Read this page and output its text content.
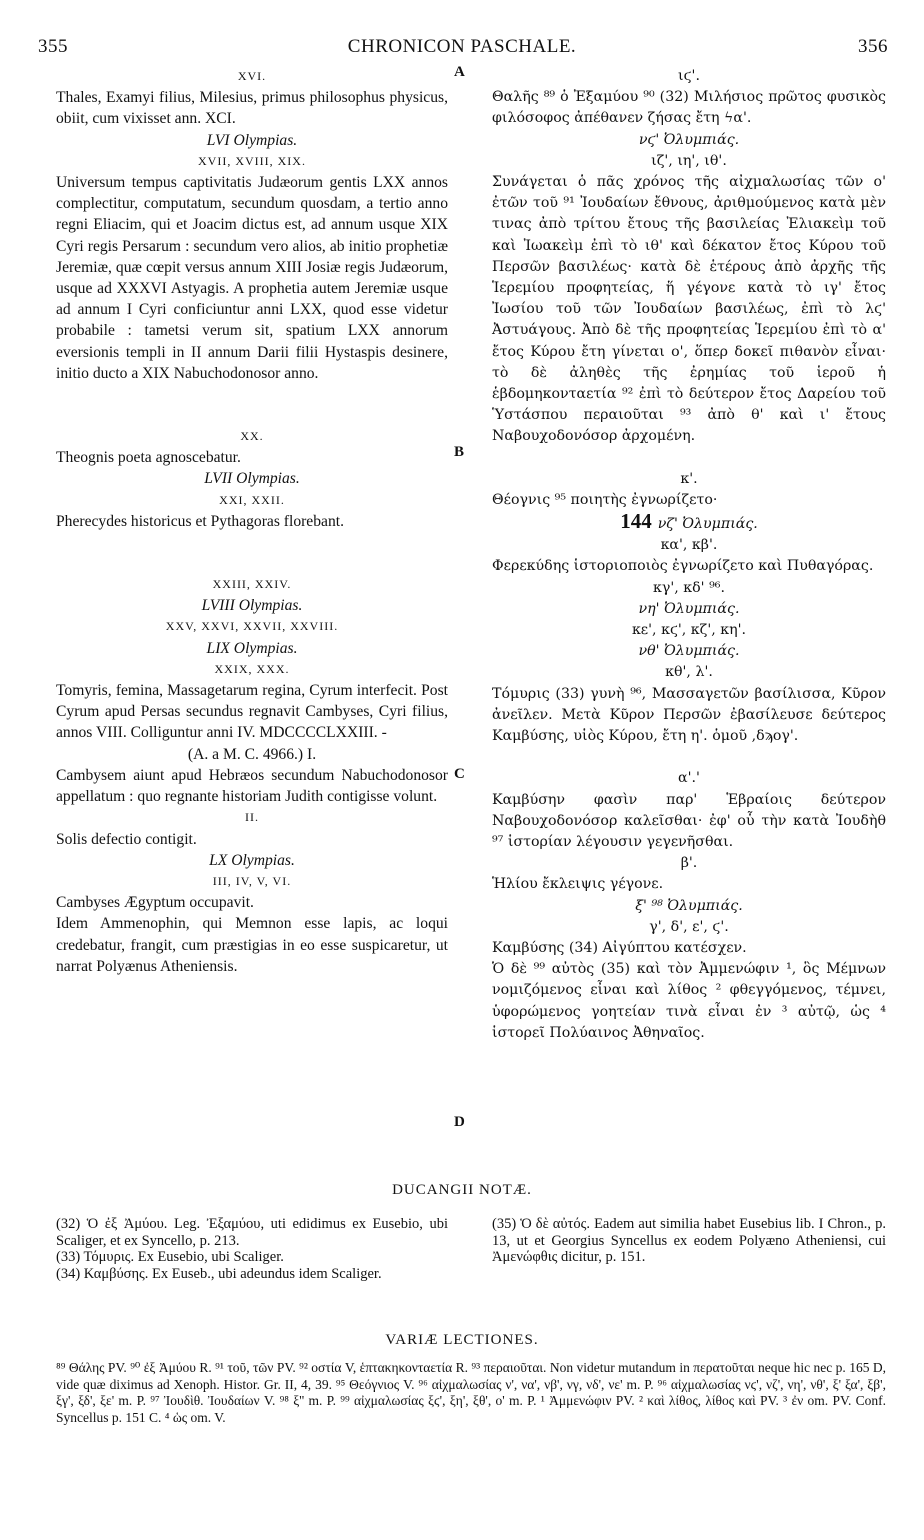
355	CHRONICON PASCHALE.	356
A
B
C
D

XVI.

Thales, Examyi filius, Milesius, primus philosophus physicus, obiit, cum vixisset ann. XCI.

LVI Olympias.

XVII, XVIII, XIX.

Universum tempus captivitatis Judæorum gentis LXX annos complectitur, computatum, secundum quosdam, a tertio anno regni Eliacim, qui et Joacim dictus est, ad annum usque XIX Cyri regis Persarum : secundum vero alios, ab initio prophetiæ Jeremiæ, quæ cœpit versus annum XIII Josiæ regis Judæorum, usque ad XXXVI Astyagis. A prophetia autem Jeremiæ usque ad annum I Cyri conficiuntur anni LXX, quod esse videtur probabile : tametsi verum sit, spatium LXX annorum eversionis templi in II annum Darii filii Hystaspis desinere, initio ducto a XIX Nabuchodonosor anno.

XX.

Theognis poeta agnoscebatur.

LVII Olympias.

XXI, XXII.

Pherecydes historicus et Pythagoras florebant.

XXIII, XXIV.

LVIII Olympias.

XXV, XXVI, XXVII, XXVIII.

LIX Olympias.

XXIX, XXX.

Tomyris, femina, Massagetarum regina, Cyrum interfecit. Post Cyrum apud Persas secundus regnavit Cambyses, Cyri filius, annos VIII. Colliguntur anni IV. MDCCCCLXXIII. -

(A. a M. C. 4966.) I.

Cambysem aiunt apud Hebræos secundum Nabuchodonosor appellatum : quo regnante historiam Judith contigisse volunt.

II.

Solis defectio contigit.

LX Olympias.

III, IV, V, VI.

Cambyses Ægyptum occupavit.

Idem Ammenophin, qui Memnon esse lapis, ac loqui credebatur, frangit, cum præstigias in eo esse suspicaretur, ut narrat Polyænus Atheniensis.

ιϛ'.

Θαλῆς ⁸⁹ ὁ Ἐξαμύου ⁹⁰ (32) Μιλήσιος πρῶτος φυσικὸς φιλόσοφος ἀπέθανεν ζήσας ἔτη ϟα'.

νϛ' Ὀλυμπιάς.

ιζ', ιη', ιθ'.

Συνάγεται ὁ πᾶς χρόνος τῆς αἰχμαλωσίας τῶν ο' ἐτῶν τοῦ ⁹¹ Ἰουδαίων ἔθνους, ἀριθμούμενος κατὰ μὲν τινας ἀπὸ τρίτου ἔτους τῆς βασιλείας Ἐλιακεὶμ τοῦ καὶ Ἰωακεὶμ ἐπὶ τὸ ιθ' καὶ δέκατον ἔτος Κύρου τοῦ Περσῶν βασιλέως· κατὰ δὲ ἑτέρους ἀπὸ ἀρχῆς τῆς Ἱερεμίου προφητείας, ἥ γέγονε κατὰ τὸ ιγ' ἔτος Ἰωσίου τοῦ τῶν Ἰουδαίων βασιλέως, ἐπὶ τὸ λϛ' Ἀστυάγους. Ἀπὸ δὲ τῆς προφητείας Ἱερεμίου ἐπὶ τὸ α' ἔτος Κύρου ἔτη γίνεται ο', ὅπερ δοκεῖ πιθανὸν εἶναι· τὸ δὲ ἀληθὲς τῆς ἐρημίας τοῦ ἱεροῦ ἡ ἑβδομηκονταετία ⁹² ἐπὶ τὸ δεύτερον ἔτος Δαρείου τοῦ Ὑστάσπου περαιοῦται ⁹³ ἀπὸ θ' καὶ ι' ἔτους Ναβουχοδονόσορ ἀρχομένη.

κ'.

Θέογνις ⁹⁵ ποιητὴς ἐγνωρίζετο·

144 νζ' Ὀλυμπιάς.

κα', κβ'.

Φερεκύδης ἱστοριοποιὸς ἐγνωρίζετο καὶ Πυθαγόρας.

κγ', κδ' ⁹⁶.

νη' Ὀλυμπιάς.

κε', κϛ', κζ', κη'.

νθ' Ὀλυμπιάς.

κθ', λ'.

Τόμυρις (33) γυνὴ ⁹⁶, Μασσαγετῶν βασίλισσα, Κῦρον ἀνεῖλεν. Μετὰ Κῦρον Περσῶν ἐβασίλευσε δεύτερος Καμβύσης, υἱὸς Κύρου, ἔτη η'. ὁμοῦ ,δϡογ'.

α'.'

Καμβύσην φασὶν παρ' Ἑβραίοις δεύτερον Ναβουχοδονόσορ καλεῖσθαι· ἐφ' οὗ τὴν κατὰ Ἰουδὴθ ⁹⁷ ἱστορίαν λέγουσιν γεγενῆσθαι.

β'.

Ἡλίου ἔκλειψις γέγονε.

ξ' ⁹⁸ Ὀλυμπιάς.

γ', δ', ε', ϛ'.

Καμβύσης (34) Αἰγύπτου κατέσχεν.

Ὁ δὲ ⁹⁹ αὐτὸς (35) καὶ τὸν Ἀμμενώφιν ¹, ὃς Μέμνων νομιζόμενος εἶναι καὶ λίθος ² φθεγγόμενος, τέμνει, ὑφορώμενος γοητείαν τινὰ εἶναι ἐν ³ αὐτῷ, ὡς ⁴ ἱστορεῖ Πολύαινος Ἀθηναῖος.

DUCANGII NOTÆ.

(32) Ὁ ἐξ Ἀμύου. Leg. Ἐξαμύου, uti edidimus ex Eusebio, ubi Scaliger, et ex Syncello, p. 213.

(33) Τόμυρις. Ex Eusebio, ubi Scaliger.

(34) Καμβύσης. Ex Euseb., ubi adeundus idem Scaliger.

(35) Ὁ δὲ αὐτός. Eadem aut similia habet Eusebius lib. I Chron., p. 13, ut et Georgius Syncellus ex eodem Polyæno Atheniensi, cui Ἀμενώφθις dicitur, p. 151.

VARIÆ LECTIONES.
⁸⁹ Θάλης PV. ⁹⁰ ἐξ Ἀμύου R. ⁹¹ τοῦ, τῶν PV. ⁹² οστία V, ἑπτακηκονταετία R. ⁹³ περαιοῦται. Non videtur mutandum in περατοῦται neque hic nec p. 165 D, vide quæ diximus ad Xenoph. Histor. Gr. II, 4, 39. ⁹⁵ Θεόγνιος V. ⁹⁶ αἰχμαλωσίας ν', να', νβ', νγ, νδ', νε' m. P. ⁹⁶ αἰχμαλωσίας νϛ', νζ', νη', νθ', ξ' ξα', ξβ', ξγ', ξδ', ξε' m. P. ⁹⁷ Ἰουδὶθ. Ἰουδαίων V. ⁹⁸ ξ'' m. P. ⁹⁹ αἰχμαλωσίας ξϛ', ξη', ξθ', ο' m. P. ¹ Ἀμμενώφιν PV. ² καὶ λίθος, λίθος καὶ PV. ³ ἐν om. PV. Conf. Syncellus p. 151 C. ⁴ ὡς om. V.
